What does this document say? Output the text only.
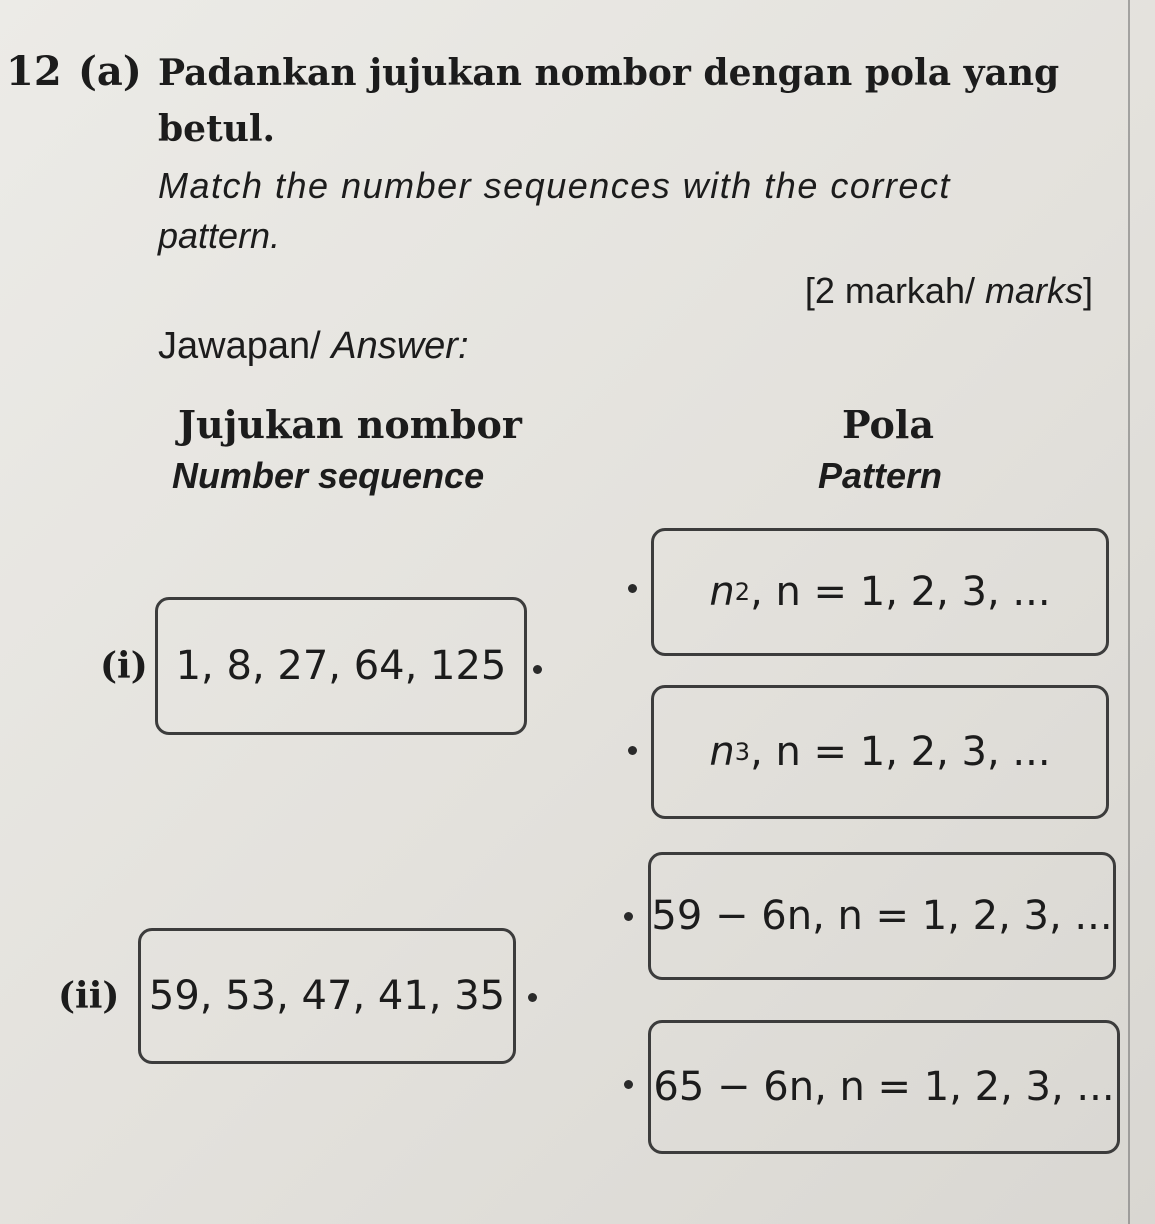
12 (a) Padankan jujukan nombor dengan pola yang
betul.
Match the number sequences with the correct
pattern.
[2 markah/ marks]
Jawapan/ Answer:
Jujukan nombor
Number sequence
Pola
Pattern
n 2 , n = 1, 2, 3, ...
n 3 , n = 1, 2, 3, ...
59 − 6n , n = 1, 2, 3, ...
65 − 6n , n = 1, 2, 3, ...
(i) 1, 8, 27, 64, 125
(ii) 59, 53, 47, 41, 35
